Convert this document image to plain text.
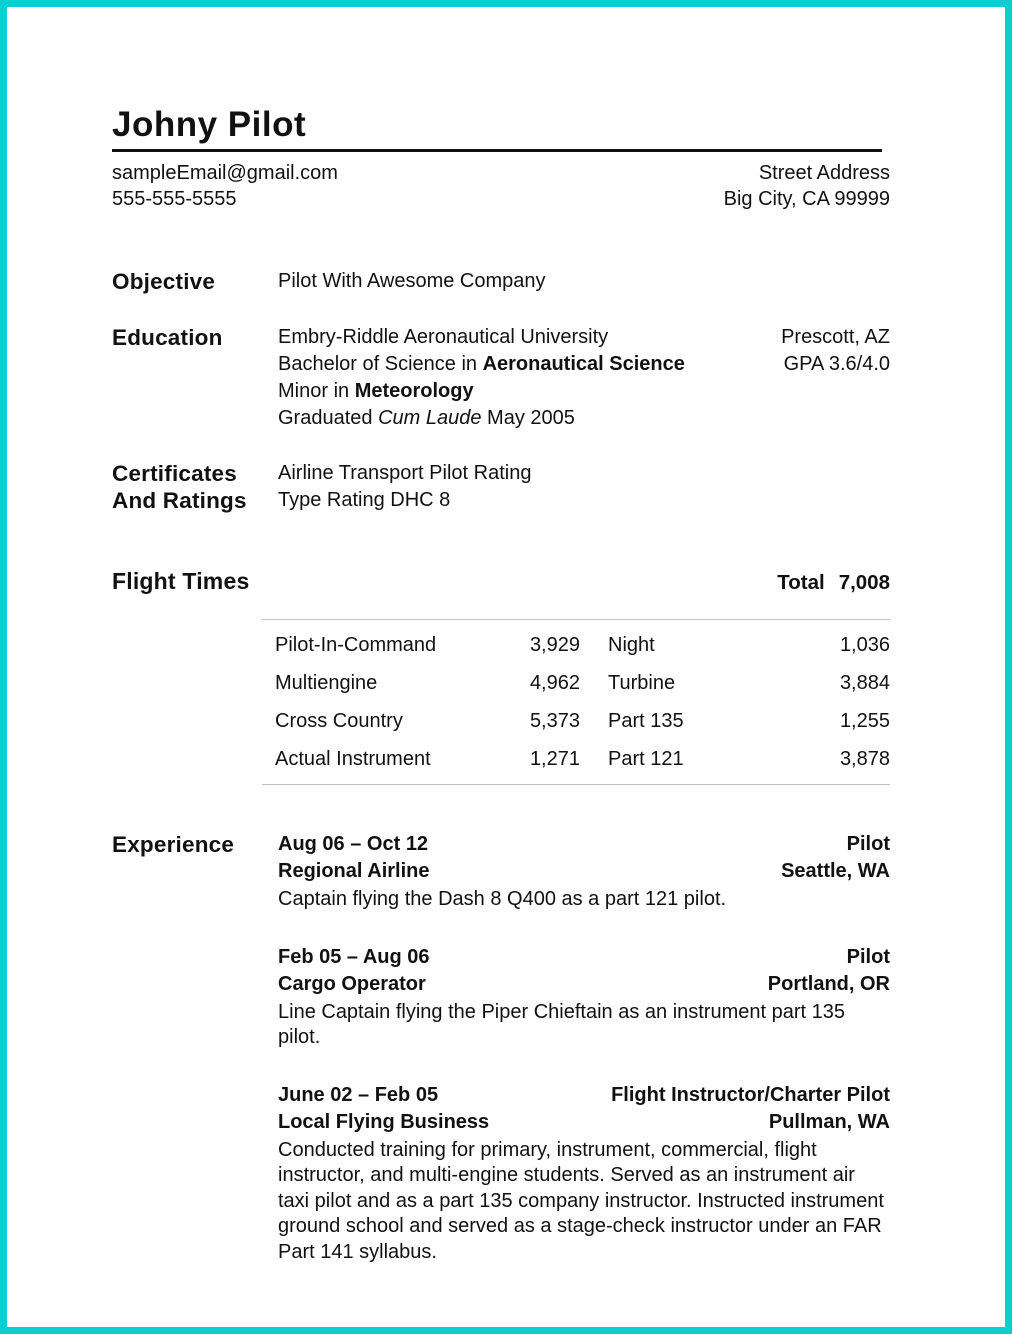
Johny Pilot
sampleEmail@gmail.com
555-555-5555
Street Address
Big City, CA 99999
Objective	Pilot With Awesome Company
Education	Embry-Riddle Aeronautical University	Prescott, AZ
Bachelor of Science in Aeronautical Science	GPA 3.6/4.0
Minor in Meteorology
Graduated Cum Laude May 2005
Certificates
And Ratings
Airline Transport Pilot Rating
Type Rating DHC 8
Flight Times	Total 7,008
Pilot-In-Command	3,929 Night	1,036
Multiengine	4,962 Turbine	3,884
Cross Country	5,373 Part 135	1,255
Actual Instrument	1,271 Part 121	3,878
Experience	Aug 06 – Oct 12	Pilot
Regional Airline	Seattle, WA

Captain flying the Dash 8 Q400 as a part 121 pilot.

Feb 05 – Aug 06	Pilot
Cargo Operator	Portland, OR

Line Captain flying the Piper Chieftain as an instrument part 135 pilot.

June 02 – Feb 05	Flight Instructor/Charter Pilot
Local Flying Business	Pullman, WA

Conducted training for primary, instrument, commercial, flight instructor, and multi-engine students. Served as an instrument air taxi pilot and as a part 135 company instructor. Instructed instrument ground school and served as a stage-check instructor under an FAR Part 141 syllabus.
